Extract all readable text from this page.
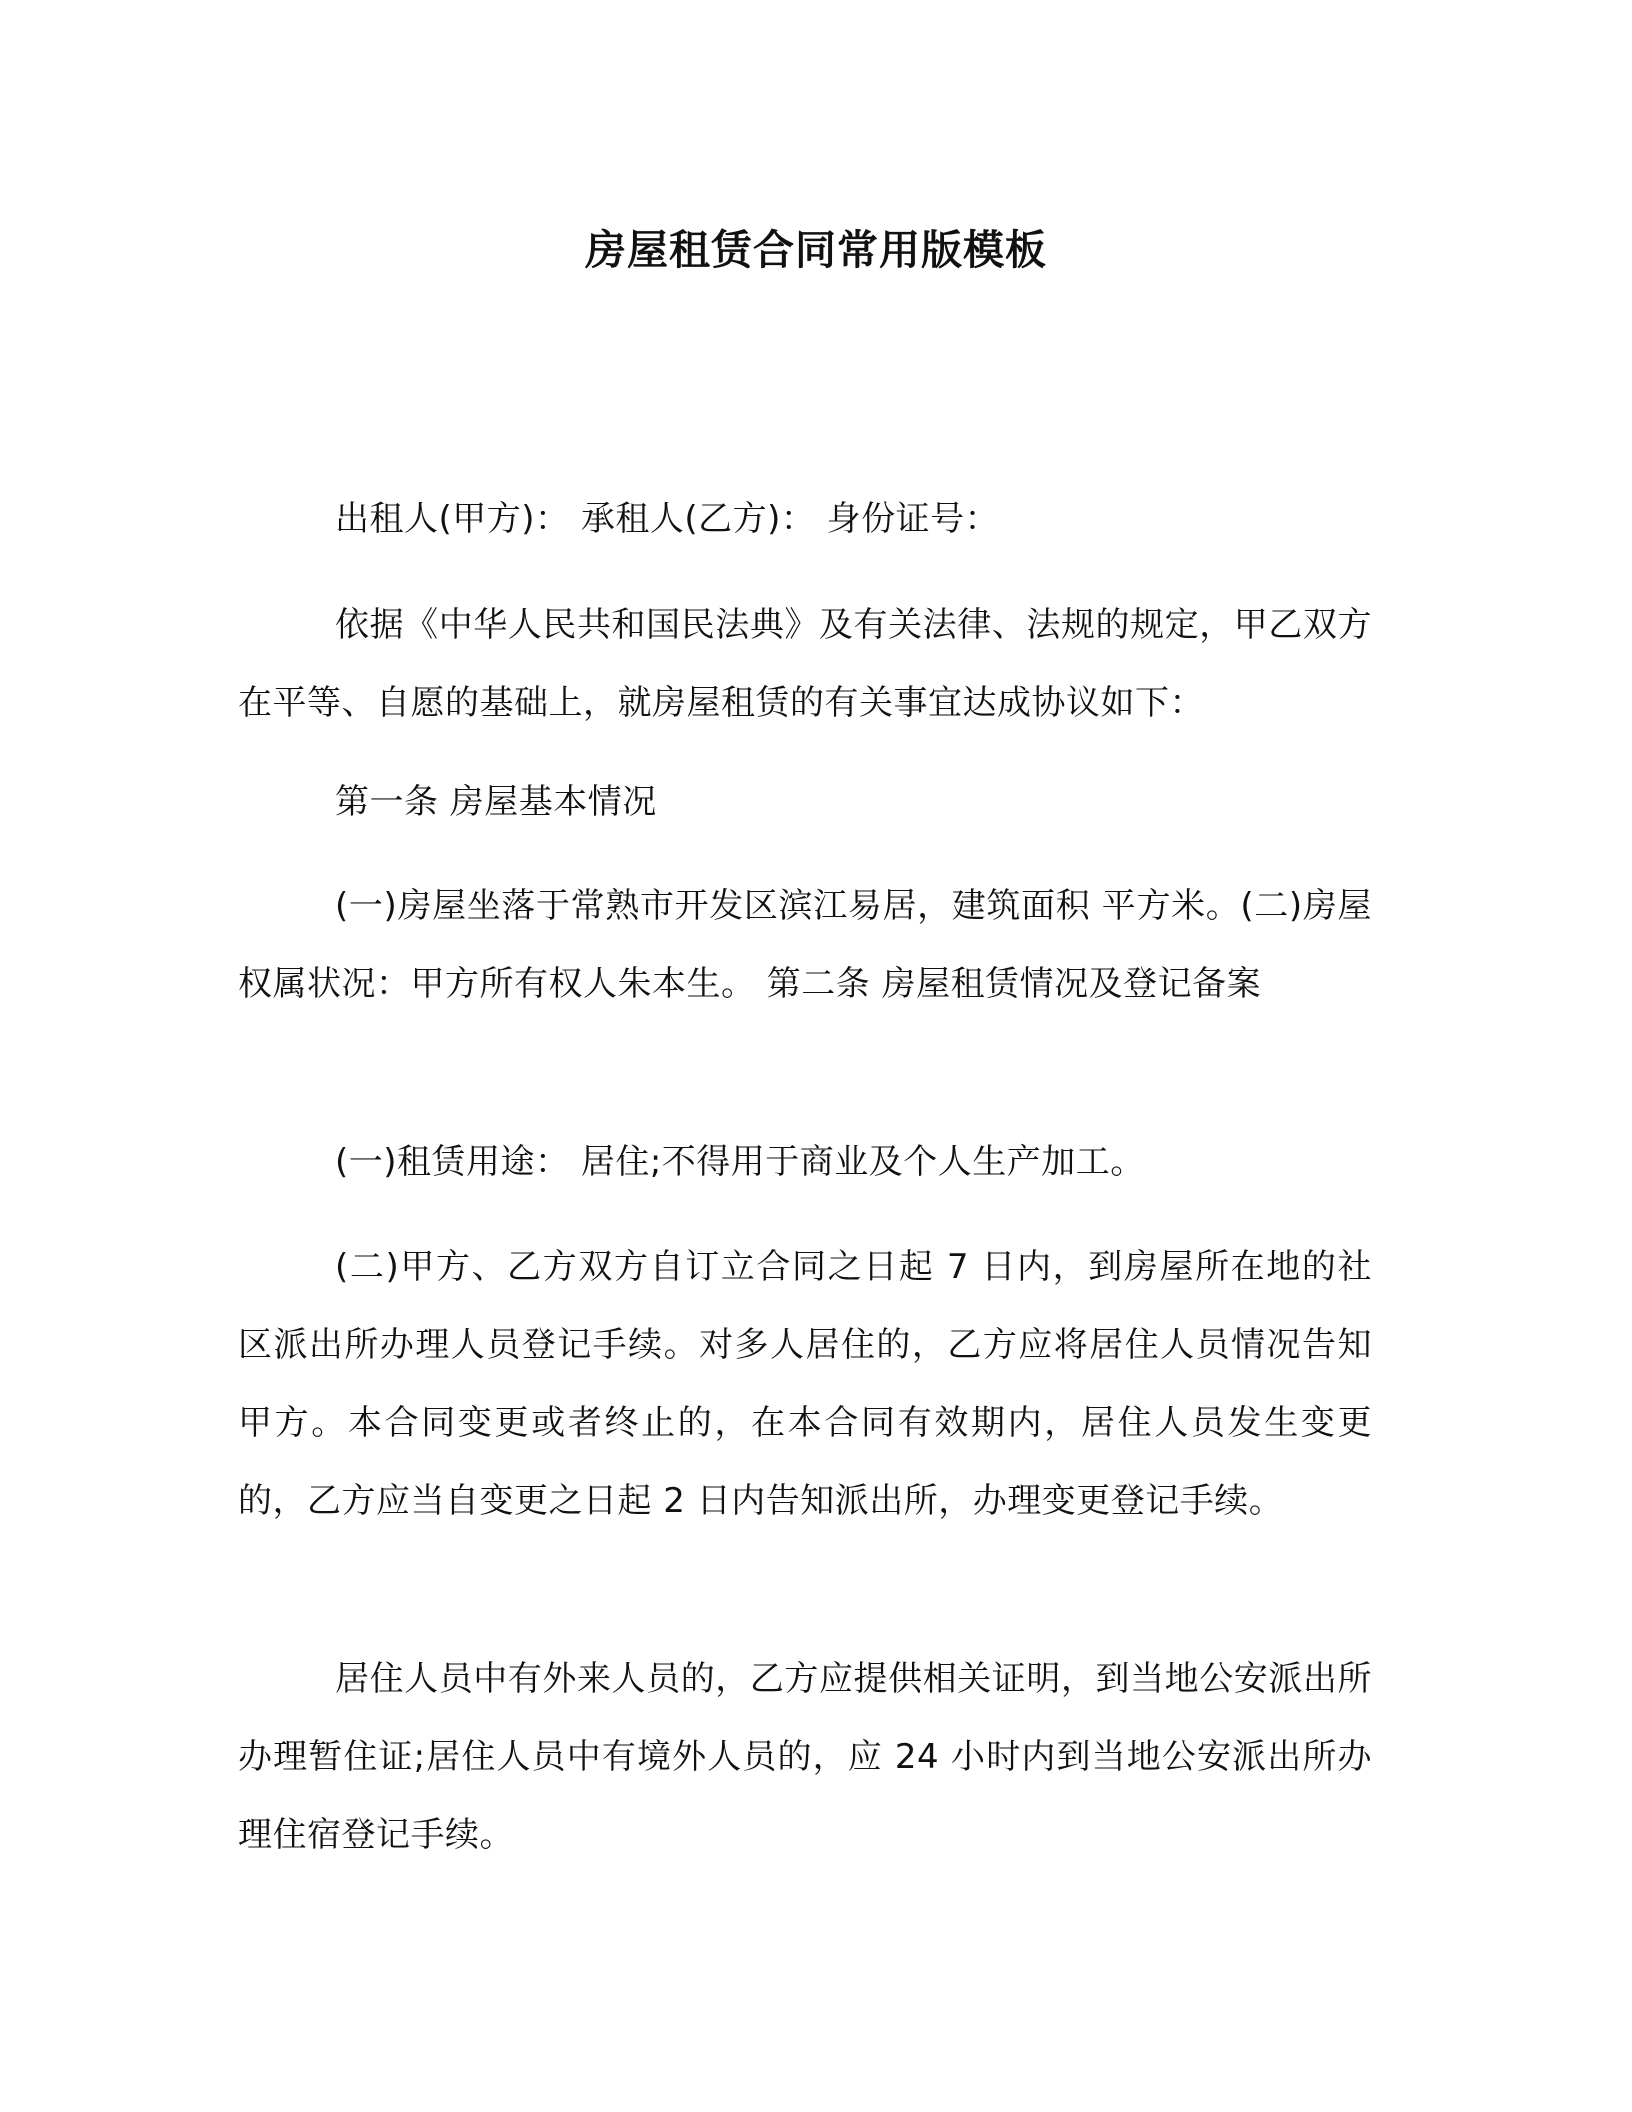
房屋租赁合同常用版模板
出租人(甲方)： 承租人(乙方)： 身份证号：
依据《中华人民共和国民法典》及有关法律、法规的规定，甲乙双方在平等、自愿的基础上，就房屋租赁的有关事宜达成协议如下：
第一条 房屋基本情况
(一)房屋坐落于常熟市开发区滨江易居，建筑面积 平方米。(二)房屋权属状况：甲方所有权人朱本生。 第二条 房屋租赁情况及登记备案
(一)租赁用途： 居住;不得用于商业及个人生产加工。
(二)甲方、乙方双方自订立合同之日起 7 日内，到房屋所在地的社区派出所办理人员登记手续。对多人居住的，乙方应将居住人员情况告知甲方。本合同变更或者终止的，在本合同有效期内，居住人员发生变更的，乙方应当自变更之日起 2 日内告知派出所，办理变更登记手续。
居住人员中有外来人员的，乙方应提供相关证明，到当地公安派出所办理暂住证;居住人员中有境外人员的，应 24 小时内到当地公安派出所办理住宿登记手续。
